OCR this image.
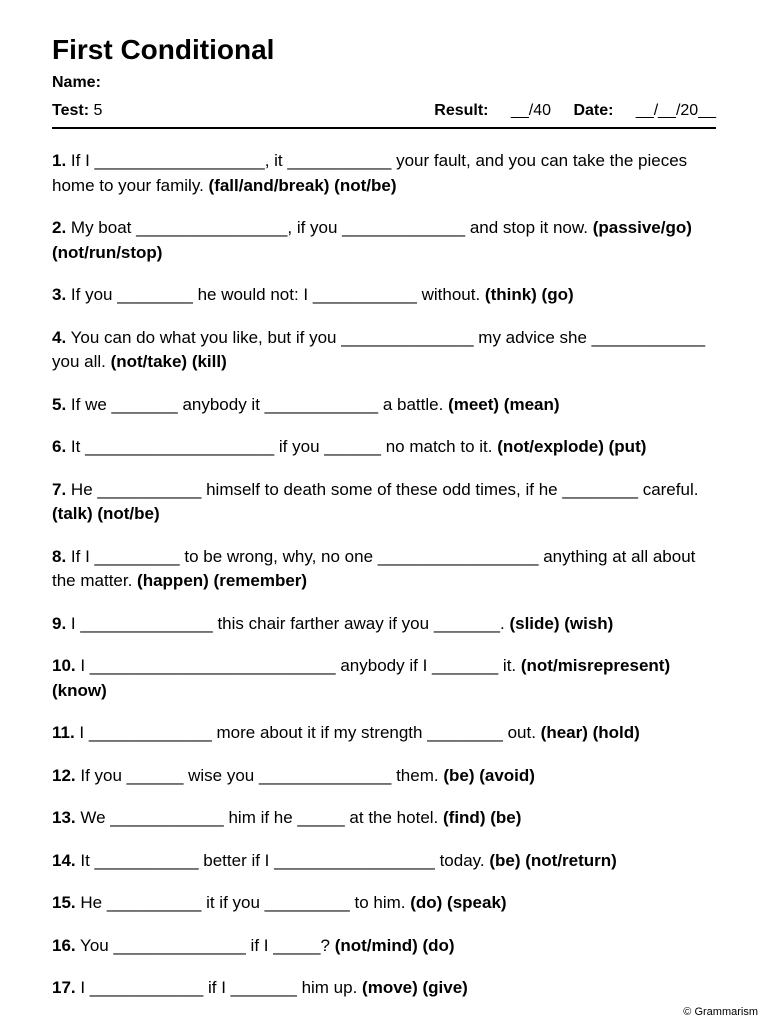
First Conditional
Name:
Test: 5	Result: __/40 Date: __/__/20__
1. If I __________________, it ___________ your fault, and you can take the pieces home to your family. (fall/and/break) (not/be)
2. My boat ________________, if you _____________ and stop it now. (passive/go) (not/run/stop)
3. If you ________ he would not: I ___________ without. (think) (go)
4. You can do what you like, but if you ______________ my advice she ____________ you all. (not/take) (kill)
5. If we _______ anybody it ____________ a battle. (meet) (mean)
6. It ____________________ if you ______ no match to it. (not/explode) (put)
7. He ___________ himself to death some of these odd times, if he ________ careful. (talk) (not/be)
8. If I _________ to be wrong, why, no one _________________ anything at all about the matter. (happen) (remember)
9. I ______________ this chair farther away if you _______. (slide) (wish)
10. I __________________________ anybody if I _______ it. (not/misrepresent) (know)
11. I _____________ more about it if my strength ________ out. (hear) (hold)
12. If you ______ wise you ______________ them. (be) (avoid)
13. We ____________ him if he _____ at the hotel. (find) (be)
14. It ___________ better if I _________________ today. (be) (not/return)
15. He __________ it if you _________ to him. (do) (speak)
16. You ______________ if I _____? (not/mind) (do)
17. I ____________ if I _______ him up. (move) (give)
© Grammarism
